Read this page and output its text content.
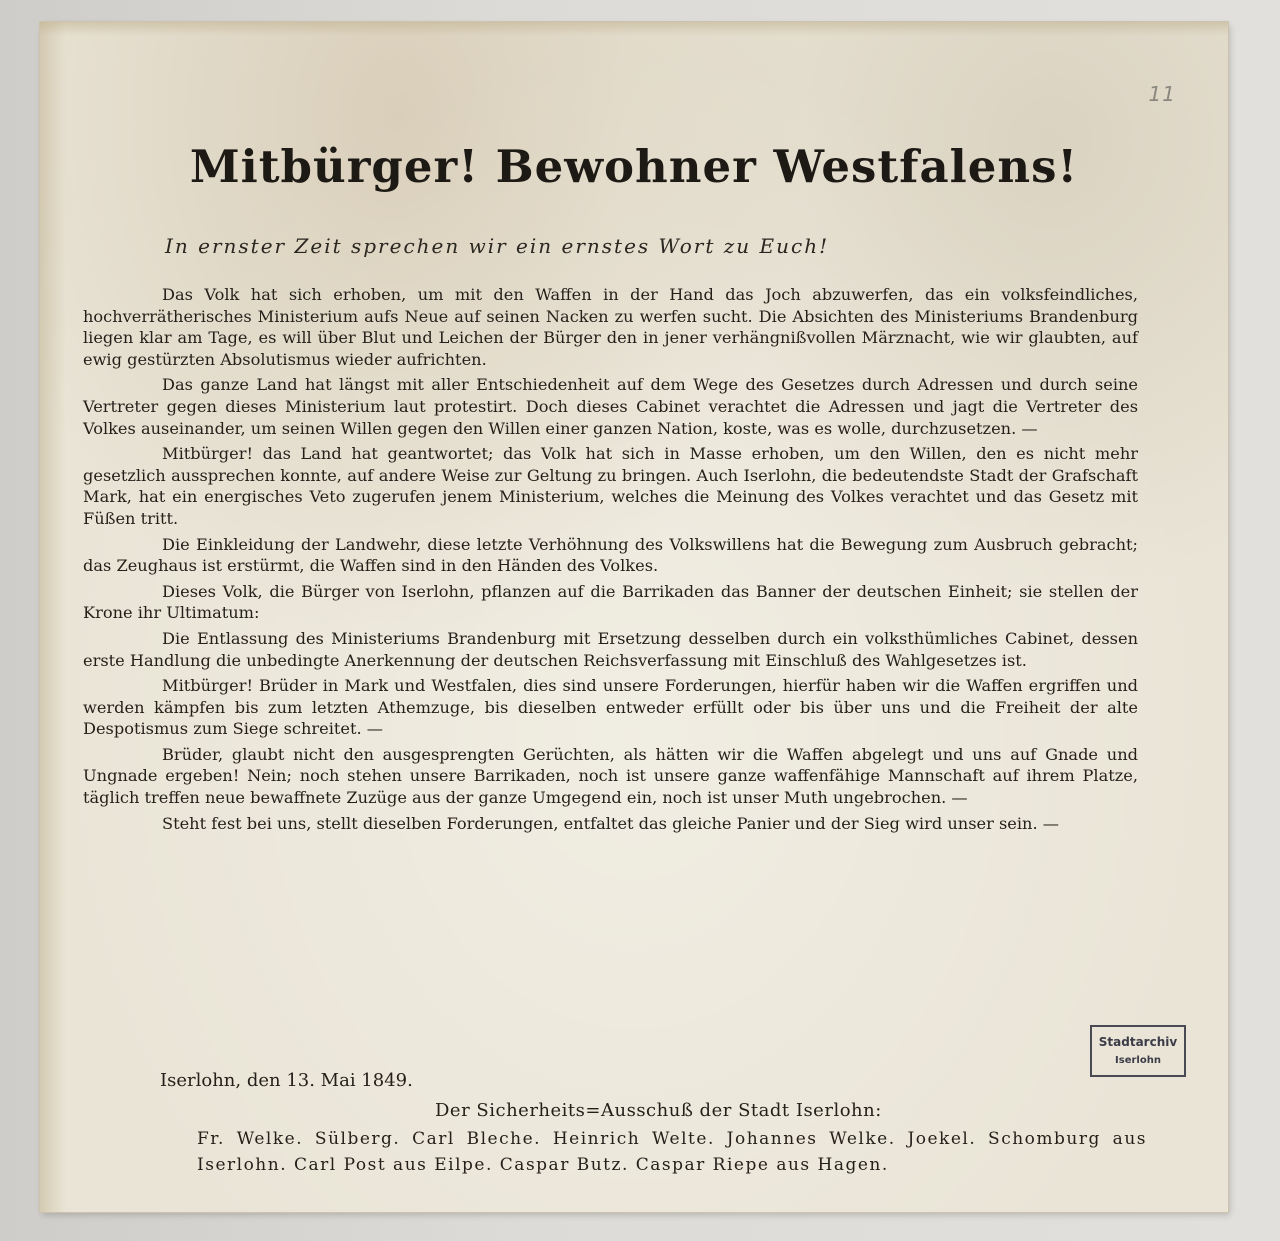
11
Mitbürger! Bewohner Westfalens!
In ernster Zeit sprechen wir ein ernstes Wort zu Euch!

Das Volk hat sich erhoben, um mit den Waffen in der Hand das Joch abzuwerfen, das ein volksfeindliches, hochverrätherisches Ministerium aufs Neue auf seinen Nacken zu werfen sucht. Die Absichten des Ministeriums Brandenburg liegen klar am Tage, es will über Blut und Leichen der Bürger den in jener verhängnißvollen Märznacht, wie wir glaubten, auf ewig gestürzten Absolutismus wieder aufrichten.

Das ganze Land hat längst mit aller Entschiedenheit auf dem Wege des Gesetzes durch Adressen und durch seine Vertreter gegen dieses Ministerium laut protestirt. Doch dieses Cabinet verachtet die Adressen und jagt die Vertreter des Volkes auseinander, um seinen Willen gegen den Willen einer ganzen Nation, koste, was es wolle, durchzusetzen. —

Mitbürger! das Land hat geantwortet; das Volk hat sich in Masse erhoben, um den Willen, den es nicht mehr gesetzlich aussprechen konnte, auf andere Weise zur Geltung zu bringen. Auch Iserlohn, die bedeutendste Stadt der Grafschaft Mark, hat ein energisches Veto zugerufen jenem Ministerium, welches die Meinung des Volkes verachtet und das Gesetz mit Füßen tritt.

Die Einkleidung der Landwehr, diese letzte Verhöhnung des Volkswillens hat die Bewegung zum Ausbruch gebracht; das Zeughaus ist erstürmt, die Waffen sind in den Händen des Volkes.

Dieses Volk, die Bürger von Iserlohn, pflanzen auf die Barrikaden das Banner der deutschen Einheit; sie stellen der Krone ihr Ultimatum:

Die Entlassung des Ministeriums Brandenburg mit Ersetzung desselben durch ein volksthümliches Cabinet, dessen erste Handlung die unbedingte Anerkennung der deutschen Reichsverfassung mit Einschluß des Wahlgesetzes ist.

Mitbürger! Brüder in Mark und Westfalen, dies sind unsere Forderungen, hierfür haben wir die Waffen ergriffen und werden kämpfen bis zum letzten Athemzuge, bis dieselben entweder erfüllt oder bis über uns und die Freiheit der alte Despotismus zum Siege schreitet. —

Brüder, glaubt nicht den ausgesprengten Gerüchten, als hätten wir die Waffen abgelegt und uns auf Gnade und Ungnade ergeben! Nein; noch stehen unsere Barrikaden, noch ist unsere ganze waffenfähige Mannschaft auf ihrem Platze, täglich treffen neue bewaffnete Zuzüge aus der ganze Umgegend ein, noch ist unser Muth ungebrochen. —

Steht fest bei uns, stellt dieselben Forderungen, entfaltet das gleiche Panier und der Sieg wird unser sein. —

Iserlohn, den 13. Mai 1849.
Der Sicherheits=Ausschuß der Stadt Iserlohn:
Fr. Welke. Sülberg. Carl Bleche. Heinrich Welte. Johannes Welke. Joekel. Schomburg aus Iserlohn. Carl Post aus Eilpe. Caspar Butz. Caspar Riepe aus Hagen.
Stadtarchiv
Iserlohn
